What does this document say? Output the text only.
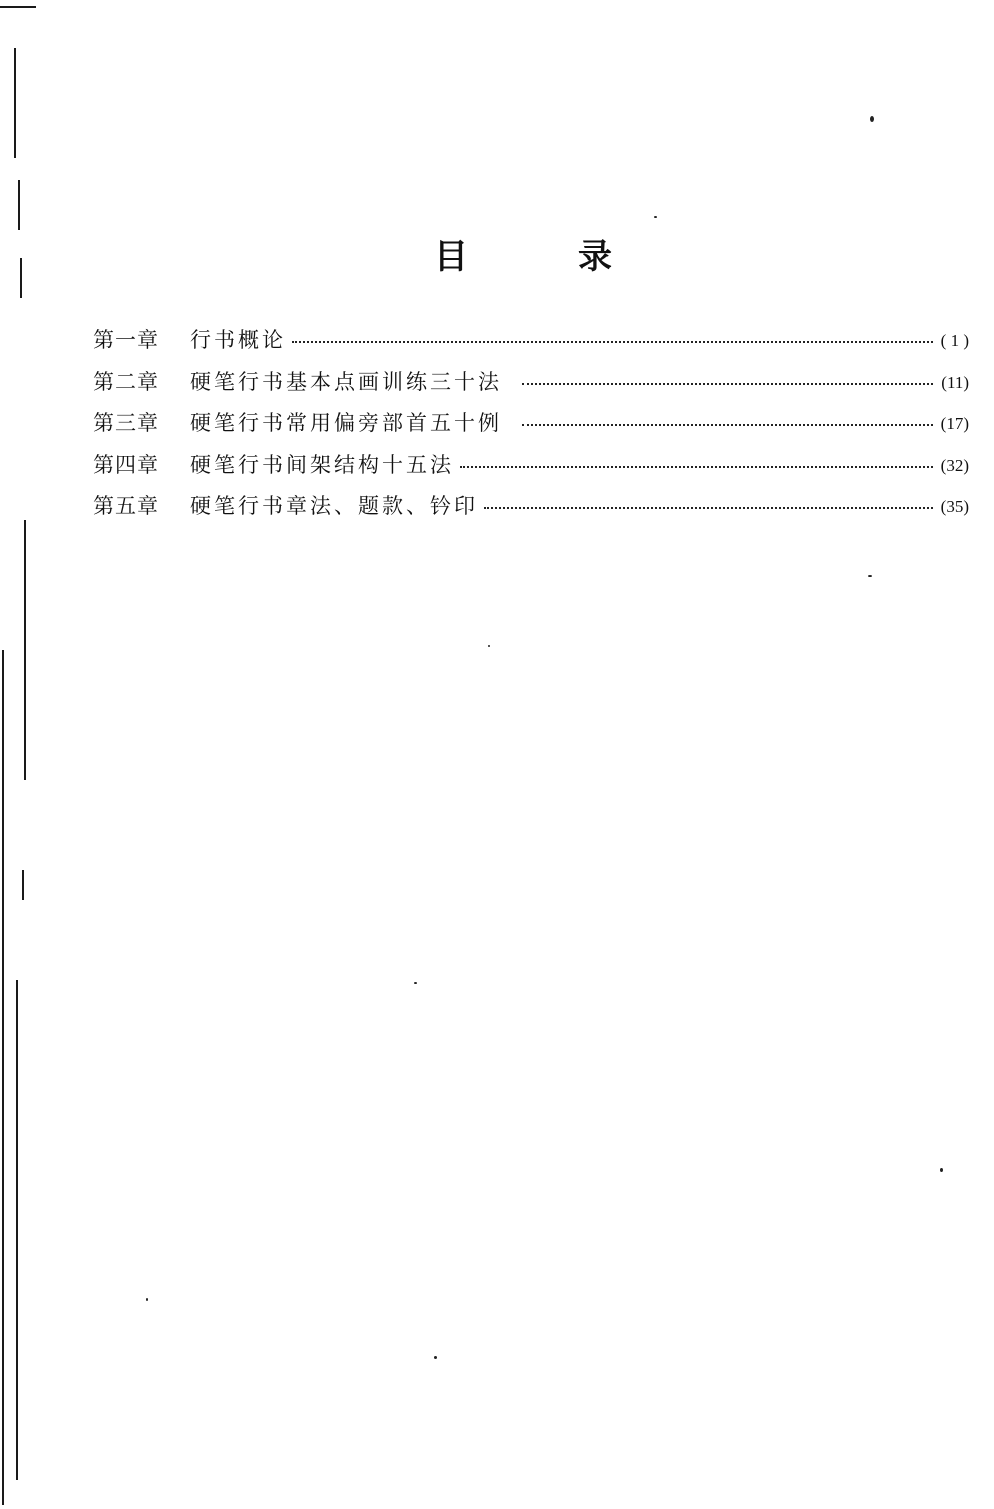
目	录
第一章	行书概论	( 1 )
第二章	硬笔行书基本点画训练三十法	(11)
第三章	硬笔行书常用偏旁部首五十例	(17)
第四章	硬笔行书间架结构十五法	(32)
第五章	硬笔行书章法、题款、钤印	(35)
